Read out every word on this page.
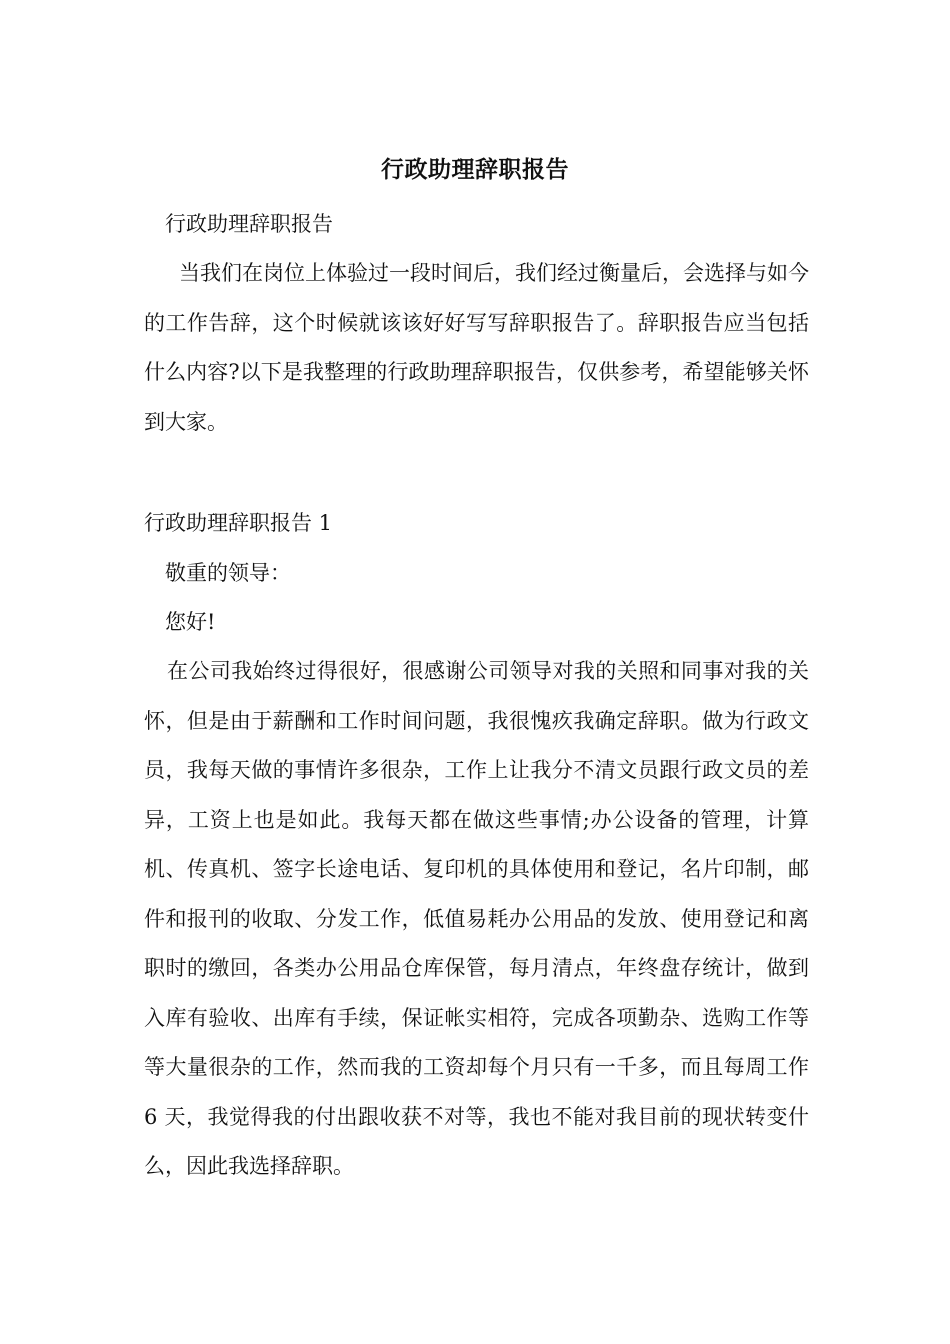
行政助理辞职报告
行政助理辞职报告
当我们在岗位上体验过一段时间后，我们经过衡量后，会选择与如今的工作告辞，这个时候就该该好好写写辞职报告了。辞职报告应当包括什么内容?以下是我整理的行政助理辞职报告，仅供参考，希望能够关怀到大家。
行政助理辞职报告 1
敬重的领导：
您好!
在公司我始终过得很好，很感谢公司领导对我的关照和同事对我的关怀，但是由于薪酬和工作时间问题，我很愧疚我确定辞职。做为行政文员，我每天做的事情许多很杂，工作上让我分不清文员跟行政文员的差异，工资上也是如此。我每天都在做这些事情;办公设备的管理，计算机、传真机、签字长途电话、复印机的具体使用和登记，名片印制，邮件和报刊的收取、分发工作，低值易耗办公用品的发放、使用登记和离职时的缴回，各类办公用品仓库保管，每月清点，年终盘存统计，做到入库有验收、出库有手续，保证帐实相符，完成各项勤杂、选购工作等等大量很杂的工作，然而我的工资却每个月只有一千多，而且每周工作 6 天，我觉得我的付出跟收获不对等，我也不能对我目前的现状转变什么，因此我选择辞职。
